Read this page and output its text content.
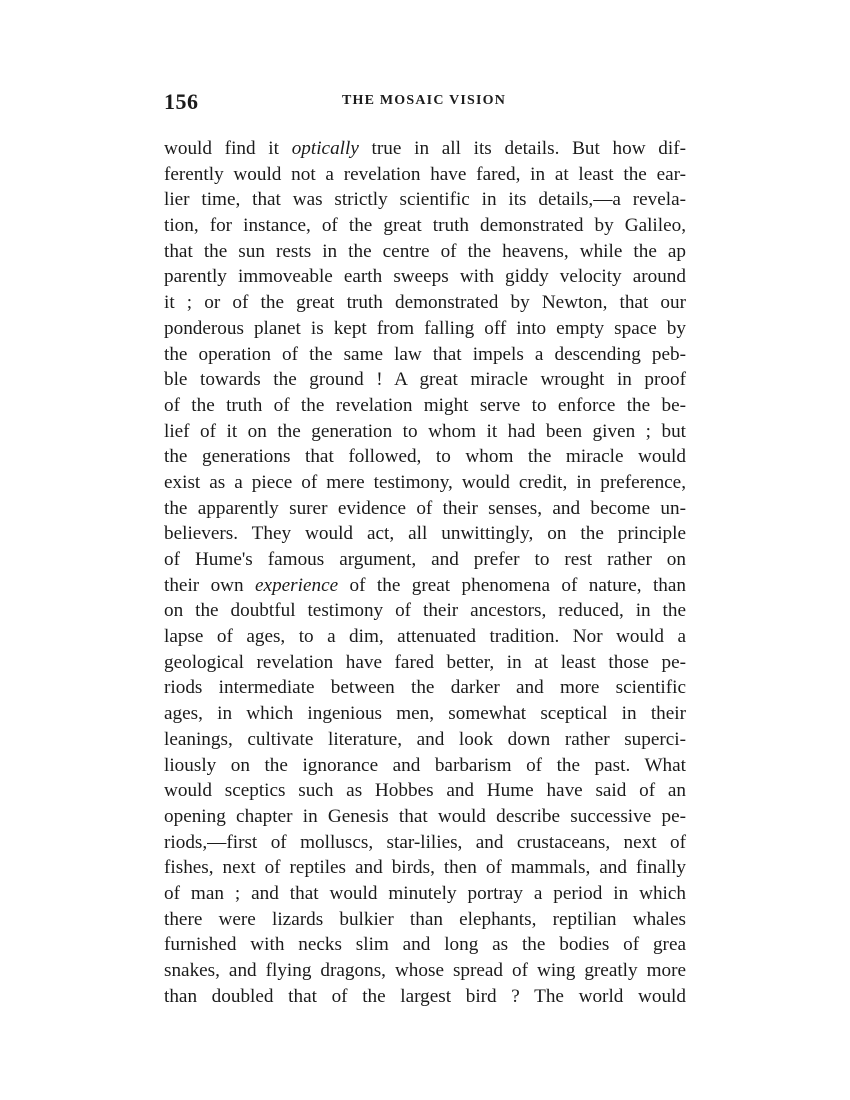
156	THE MOSAIC VISION
would find it optically true in all its details. But how dif-
ferently would not a revelation have fared, in at least the ear-
lier time, that was strictly scientific in its details,—a revela-
tion, for instance, of the great truth demonstrated by Galileo,
that the sun rests in the centre of the heavens, while the ap
parently immoveable earth sweeps with giddy velocity around
it ; or of the great truth demonstrated by Newton, that our
ponderous planet is kept from falling off into empty space by
the operation of the same law that impels a descending peb-
ble towards the ground ! A great miracle wrought in proof
of the truth of the revelation might serve to enforce the be-
lief of it on the generation to whom it had been given ; but
the generations that followed, to whom the miracle would
exist as a piece of mere testimony, would credit, in preference,
the apparently surer evidence of their senses, and become un-
believers. They would act, all unwittingly, on the principle
of Hume's famous argument, and prefer to rest rather on
their own experience of the great phenomena of nature, than
on the doubtful testimony of their ancestors, reduced, in the
lapse of ages, to a dim, attenuated tradition. Nor would a
geological revelation have fared better, in at least those pe-
riods intermediate between the darker and more scientific
ages, in which ingenious men, somewhat sceptical in their
leanings, cultivate literature, and look down rather superci-
liously on the ignorance and barbarism of the past. What
would sceptics such as Hobbes and Hume have said of an
opening chapter in Genesis that would describe successive pe-
riods,—first of molluscs, star-lilies, and crustaceans, next of
fishes, next of reptiles and birds, then of mammals, and finally
of man ; and that would minutely portray a period in which
there were lizards bulkier than elephants, reptilian whales
furnished with necks slim and long as the bodies of grea
snakes, and flying dragons, whose spread of wing greatly more
than doubled that of the largest bird ? The world would
